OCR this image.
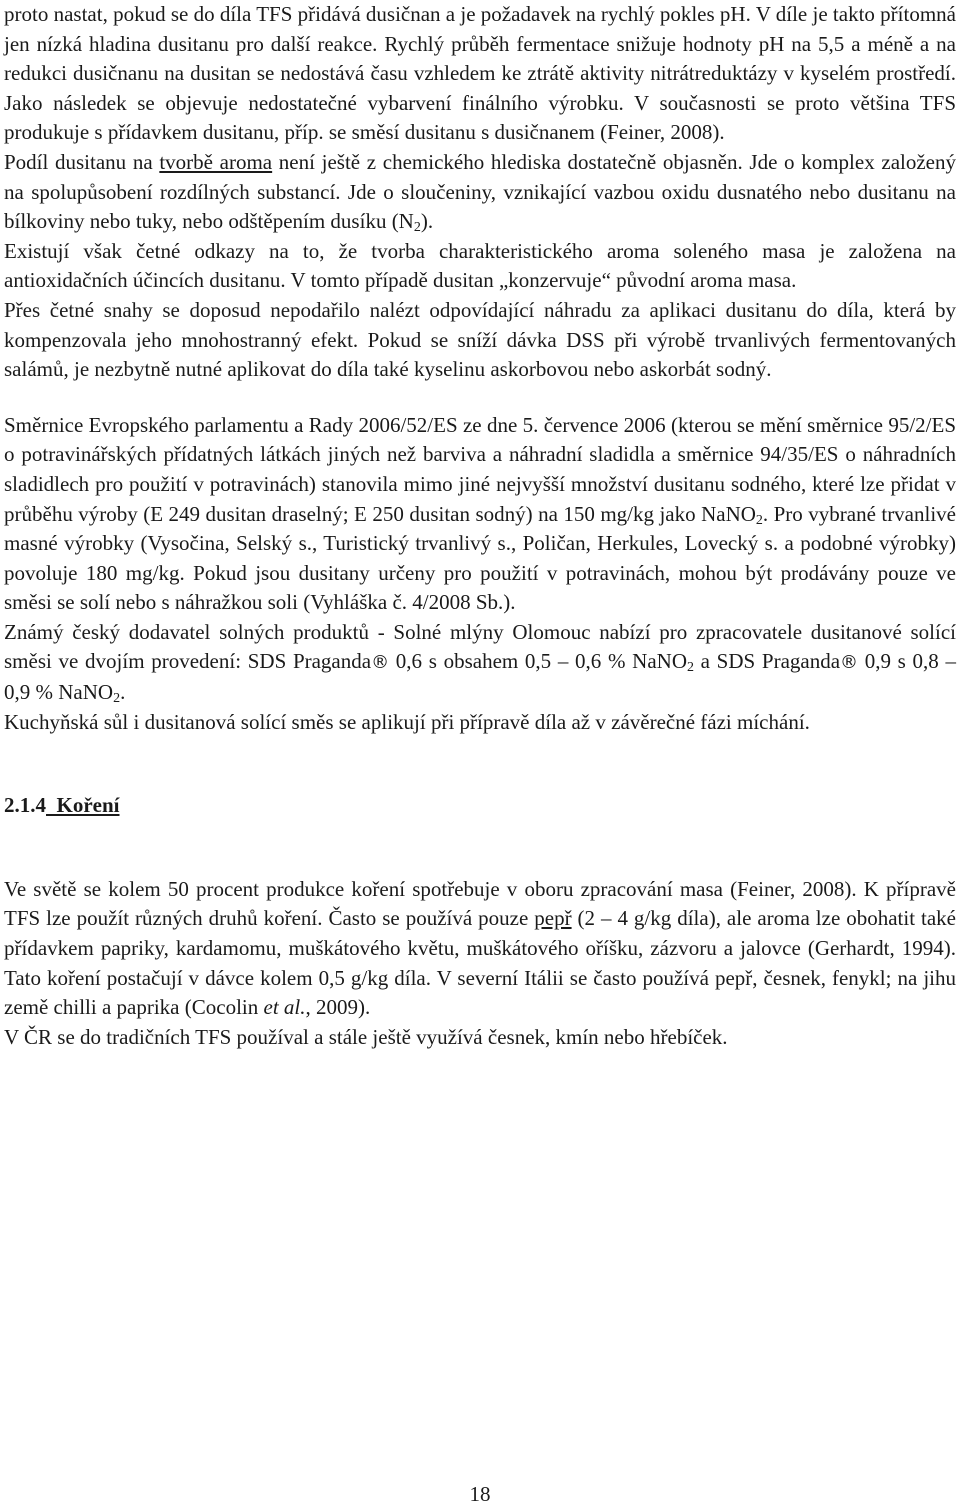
proto nastat, pokud se do díla TFS přidává dusičnan a je požadavek na rychlý pokles pH. V díle je takto přítomná jen nízká hladina dusitanu pro další reakce. Rychlý průběh fermentace snižuje hodnoty pH na 5,5 a méně a na redukci dusičnanu na dusitan se nedostává času vzhledem ke ztrátě aktivity nitrátreduktázy v kyselém prostředí. Jako následek se objevuje nedostatečné vybarvení finálního výrobku. V současnosti se proto většina TFS produkuje s přídavkem dusitanu, příp. se směsí dusitanu s dusičnanem (Feiner, 2008).

Podíl dusitanu na tvorbě aroma není ještě z chemického hlediska dostatečně objasněn. Jde o komplex založený na spolupůsobení rozdílných substancí. Jde o sloučeniny, vznikající vazbou oxidu dusnatého nebo dusitanu na bílkoviny nebo tuky, nebo odštěpením dusíku $(N_2)$.

Existují však četné odkazy na to, že tvorba charakteristického aroma soleného masa je založena na antioxidačních účincích dusitanu. V tomto případě dusitan „konzervuje“ původní aroma masa.

Přes četné snahy se doposud nepodařilo nalézt odpovídající náhradu za aplikaci dusitanu do díla, která by kompenzovala jeho mnohostranný efekt. Pokud se sníží dávka DSS při výrobě trvanlivých fermentovaných salámů, je nezbytně nutné aplikovat do díla také kyselinu askorbovou nebo askorbát sodný.

Směrnice Evropského parlamentu a Rady 2006/52/ES ze dne 5. července 2006 (kterou se mění směrnice 95/2/ES o potravinářských přídatných látkách jiných než barviva a náhradní sladidla a směrnice 94/35/ES o náhradních sladidlech pro použití v potravinách) stanovila mimo jiné nejvyšší množství dusitanu sodného, které lze přidat v průběhu výroby (E 249 dusitan draselný; E 250 dusitan sodný) na 150 mg/kg jako NaNO$_2$. Pro vybrané trvanlivé masné výrobky (Vysočina, Selský s., Turistický trvanlivý s., Poličan, Herkules, Lovecký s. a podobné výrobky) povoluje 180 mg/kg. Pokud jsou dusitany určeny pro použití v potravinách, mohou být prodávány pouze ve směsi se solí nebo s náhražkou soli (Vyhláška č. 4/2008 Sb.).

Známý český dodavatel solných produktů - Solné mlýny Olomouc nabízí pro zpracovatele dusitanové solící směsi ve dvojím provedení: SDS Praganda® 0,6 s obsahem 0,5 – 0,6 % NaNO$_2$ a SDS Praganda® 0,9 s 0,8 – 0,9 % NaNO$_2$.

Kuchyňská sůl i dusitanová solící směs se aplikují při přípravě díla až v závěrečné fázi míchání.

2.1.4 Koření

Ve světě se kolem 50 procent produkce koření spotřebuje v oboru zpracování masa (Feiner, 2008). K přípravě TFS lze použít různých druhů koření. Často se používá pouze pepř (2 – 4 g/kg díla), ale aroma lze obohatit také přídavkem papriky, kardamomu, muškátového květu, muškátového oříšku, zázvoru a jalovce (Gerhardt, 1994). Tato koření postačují v dávce kolem 0,5 g/kg díla. V severní Itálii se často používá pepř, česnek, fenykl; na jihu země chilli a paprika (Cocolin et al., 2009).

V ČR se do tradičních TFS používal a stále ještě využívá česnek, kmín nebo hřebíček.

18
